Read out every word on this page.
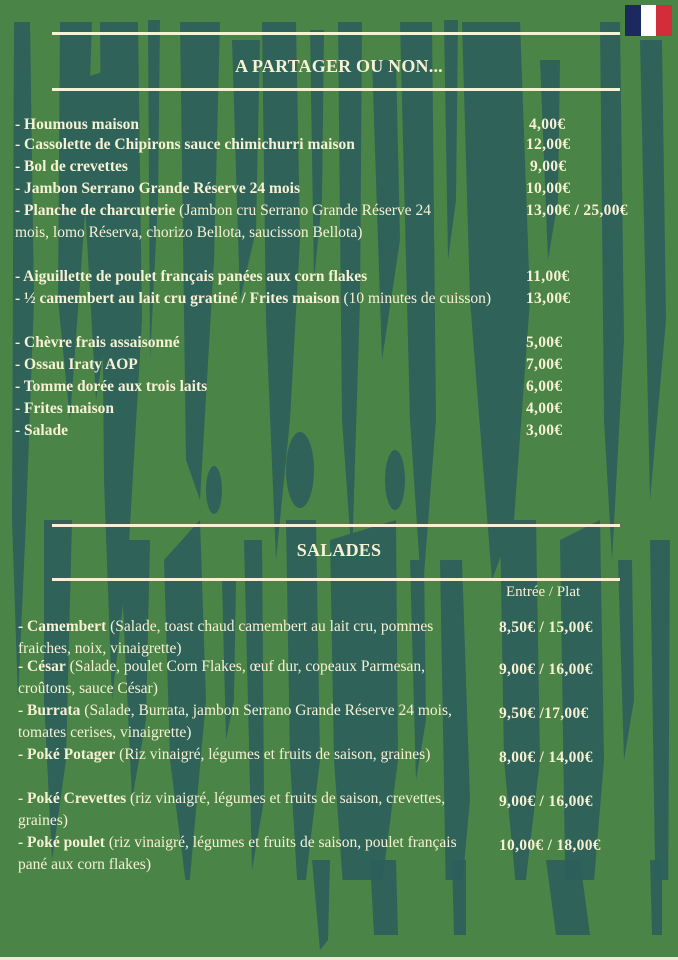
A PARTAGER OU NON...
- Houmous maison	4,00€
- Cassolette de Chipirons sauce chimichurri maison	12,00€
- Bol de crevettes	9,00€
- Jambon Serrano Grande Réserve 24 mois	10,00€
- Planche de charcuterie (Jambon cru Serrano Grande Réserve 24 mois, lomo Réserva, chorizo Bellota, saucisson Bellota)
13,00€ / 25,00€
- Aiguillette de poulet français panées aux corn flakes	11,00€
- ½ camembert au lait cru gratiné / Frites maison (10 minutes de cuisson) 13,00€
- Chèvre frais assaisonné	5,00€
- Ossau Iraty AOP	7,00€
- Tomme dorée aux trois laits	6,00€
- Frites maison	4,00€
- Salade	3,00€
SALADES
Entrée / Plat
- Camembert (Salade, toast chaud camembert au lait cru, pommes fraiches, noix, vinaigrette)
8,50€ / 15,00€
- César (Salade, poulet Corn Flakes, œuf dur, copeaux Parmesan, croûtons, sauce César)
9,00€ / 16,00€
- Burrata (Salade, Burrata, jambon Serrano Grande Réserve 24 mois, tomates cerises, vinaigrette)
9,50€ /17,00€
- Poké Potager (Riz vinaigré, légumes et fruits de saison, graines)	8,00€ / 14,00€
- Poké Crevettes (riz vinaigré, légumes et fruits de saison, crevettes, graines)
9,00€ / 16,00€
- Poké poulet (riz vinaigré, légumes et fruits de saison, poulet français pané aux corn flakes)
10,00€ / 18,00€
